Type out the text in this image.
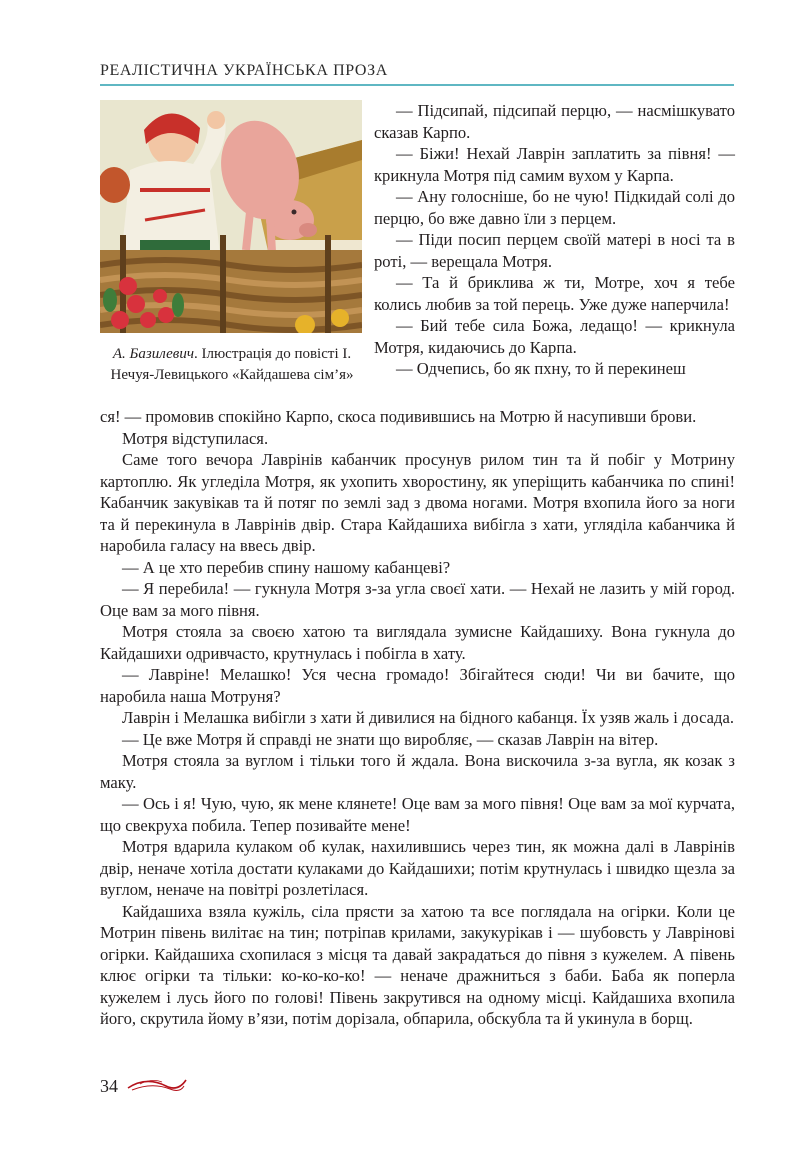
РЕАЛІСТИЧНА УКРАЇНСЬКА ПРОЗА
А. Базилевич. Ілюстрація до повісті І. Нечуя-Левицького «Кайдашева сім’я»

— Підсипай, підсипай перцю, — насмішкувато сказав Карпо.

— Біжи! Нехай Лаврін заплатить за півня! — крикнула Мотря під самим вухом у Карпа.

— Ану голосніше, бо не чую! Підкидай солі до перцю, бо вже давно їли з перцем.

— Піди посип перцем своїй матері в носі та в роті, — верещала Мотря.

— Та й бриклива ж ти, Мотре, хоч я тебе колись любив за той перець. Уже дуже наперчила!

— Бий тебе сила Божа, ледащо! — крикнула Мотря, кидаючись до Карпа.

— Одчепись, бо як пхну, то й перекинеш

ся! — промовив спокійно Карпо, скоса подивившись на Мотрю й насупивши брови.

Мотря відступилася.

Саме того вечора Лаврінів кабанчик просунув рилом тин та й побіг у Мотрину картоплю. Як угледіла Мотря, як ухопить хворостину, як уперіщить кабанчика по спині! Кабанчик закувікав та й потяг по землі зад з двома ногами. Мотря вхопила його за ноги та й перекинула в Лаврінів двір. Стара Кайдашиха вибігла з хати, угляділа кабанчика й наробила галасу на ввесь двір.

— А це хто перебив спину нашому кабанцеві?

— Я перебила! — гукнула Мотря з-за угла своєї хати. — Нехай не лазить у мій город. Оце вам за мого півня.

Мотря стояла за своєю хатою та виглядала зумисне Кайдашиху. Вона гукнула до Кайдашихи одривчасто, крутнулась і побігла в хату.

— Лавріне! Мелашко! Уся чесна громадо! Збігайтеся сюди! Чи ви бачите, що наробила наша Мотруня?

Лаврін і Мелашка вибігли з хати й дивилися на бідного кабанця. Їх узяв жаль і досада.

— Це вже Мотря й справді не знати що виробляє, — сказав Лаврін на вітер.

Мотря стояла за вуглом і тільки того й ждала. Вона вискочила з-за вугла, як козак з маку.

— Ось і я! Чую, чую, як мене клянете! Оце вам за мого півня! Оце вам за мої курчата, що свекруха побила. Тепер позивайте мене!

Мотря вдарила кулаком об кулак, нахилившись через тин, як можна далі в Лаврінів двір, неначе хотіла достати кулаками до Кайдашихи; потім крутнулась і швидко щезла за вуглом, неначе на повітрі розлетілася.

Кайдашиха взяла кужіль, сіла прясти за хатою та все поглядала на огірки. Коли це Мотрин півень вилітає на тин; потріпав крилами, закукурікав і — шубовсть у Лаврінові огірки. Кайдашиха схопилася з місця та давай закрадаться до півня з кужелем. А півень клює огірки та тільки: ко-ко-ко-ко! — неначе дражниться з баби. Баба як поперла кужелем і лусь його по голові! Півень закрутився на одному місці. Кайдашиха вхопила його, скрутила йому в’язи, потім дорізала, обпарила, обскубла та й укинула в борщ.

34
